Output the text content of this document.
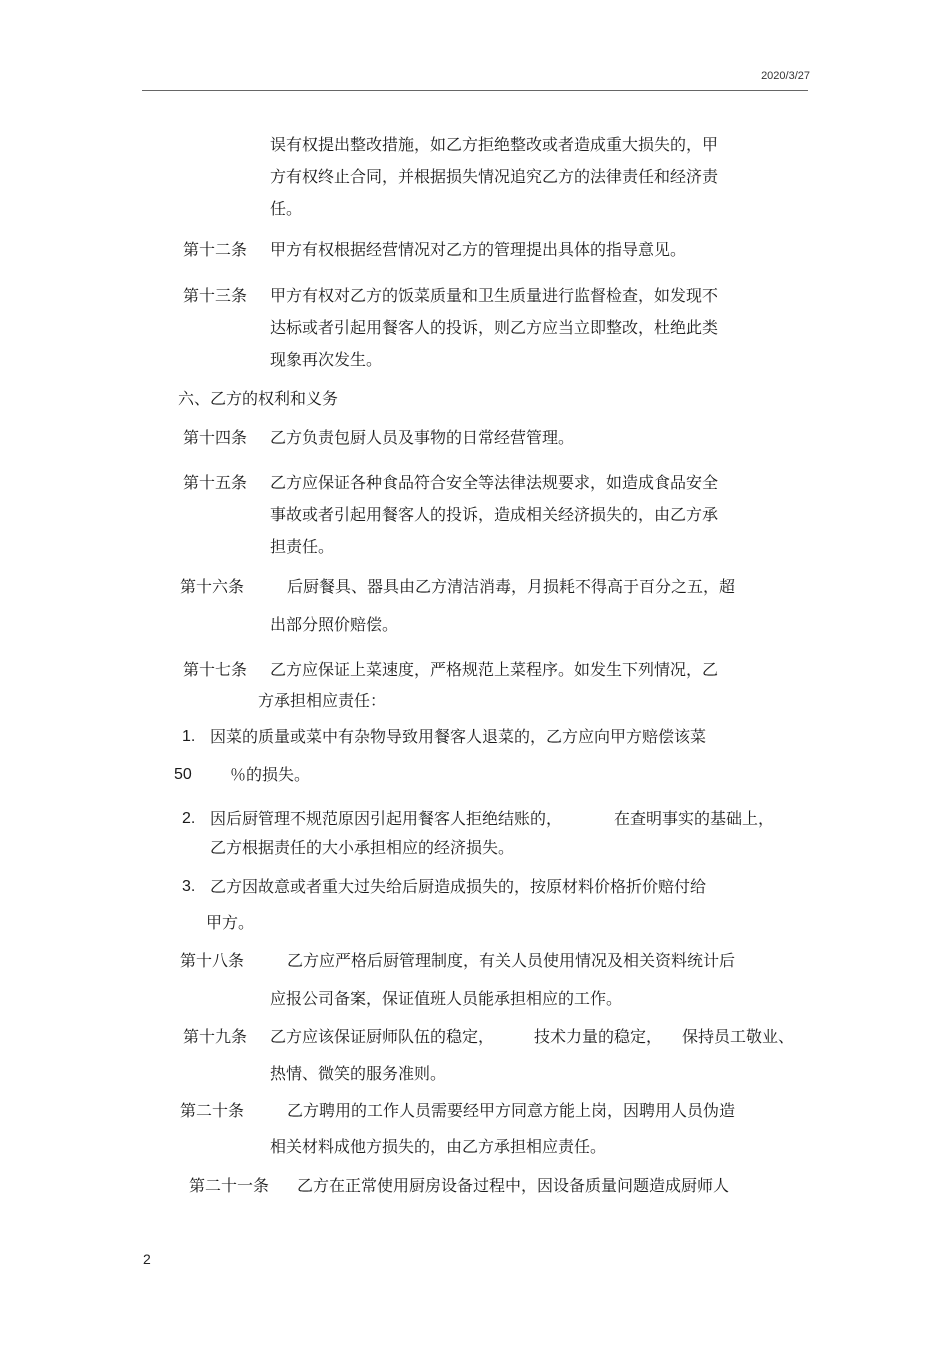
2020/3/27
误有权提出整改措施，如乙方拒绝整改或者造成重大损失的，甲
方有权终止合同，并根据损失情况追究乙方的法律责任和经济责
任。
第十二条 甲方有权根据经营情况对乙方的管理提出具体的指导意见。
第十三条 甲方有权对乙方的饭菜质量和卫生质量进行监督检查，如发现不
达标或者引起用餐客人的投诉，则乙方应当立即整改，杜绝此类
现象再次发生。
六、乙方的权利和义务
第十四条 乙方负责包厨人员及事物的日常经营管理。
第十五条 乙方应保证各种食品符合安全等法律法规要求，如造成食品安全
事故或者引起用餐客人的投诉，造成相关经济损失的，由乙方承
担责任。
第十六条	后厨餐具、器具由乙方清洁消毒，月损耗不得高于百分之五，超
出部分照价赔偿。
第十七条 乙方应保证上菜速度，严格规范上菜程序。如发生下列情况，乙
方承担相应责任：
1. 因菜的质量或菜中有杂物导致用餐客人退菜的，乙方应向甲方赔偿该菜
50 ％的损失。
2. 因后厨管理不规范原因引起用餐客人拒绝结账的，	在查明事实的基础上，
乙方根据责任的大小承担相应的经济损失。
3. 乙方因故意或者重大过失给后厨造成损失的，按原材料价格折价赔付给
甲方。
第十八条	乙方应严格后厨管理制度，有关人员使用情况及相关资料统计后
应报公司备案，保证值班人员能承担相应的工作。
第十九条 乙方应该保证厨师队伍的稳定， 技术力量的稳定， 保持员工敬业、
热情、微笑的服务准则。
第二十条	乙方聘用的工作人员需要经甲方同意方能上岗，因聘用人员伪造
相关材料成他方损失的，由乙方承担相应责任。
第二十一条 乙方在正常使用厨房设备过程中，因设备质量问题造成厨师人
2
